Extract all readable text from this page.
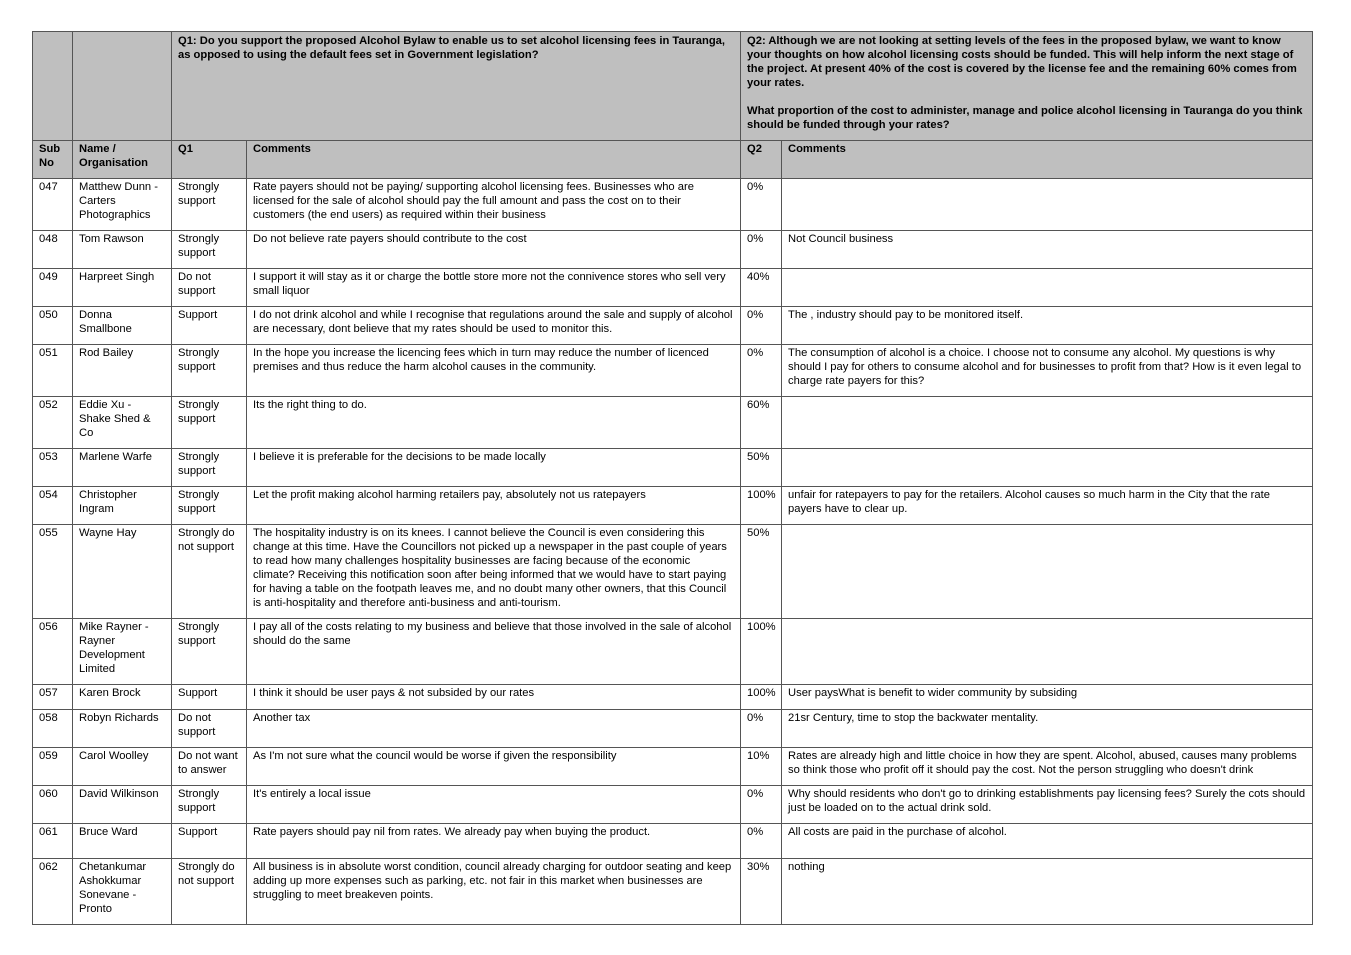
		Q1: Do you support the proposed Alcohol Bylaw to enable us to set alcohol licensing fees in Tauranga, as opposed to using the default fees set in Government legislation?		Q2: Although we are not looking at setting levels of the fees in the proposed bylaw, we want to know your thoughts on how alcohol licensing costs should be funded. This will help inform the next stage of the project. At present 40% of the cost is covered by the license fee and the remaining 60% comes from your rates.

What proportion of the cost to administer, manage and police alcohol licensing in Tauranga do you think should be funded through your rates?	
Sub No	Name / Organisation	Q1	Comments	Q2	Comments
047	Matthew Dunn - Carters Photographics	Strongly support	Rate payers should not be paying/ supporting alcohol licensing fees. Businesses who are licensed for the sale of alcohol should pay the full amount and pass the cost on to their customers (the end users) as required within their business	0%	
048	Tom Rawson	Strongly support	Do not believe rate payers should contribute to the cost	0%	Not Council business
049	Harpreet Singh	Do not support	I support it will stay as it or charge the bottle store more not the connivence stores who sell very small liquor	40%	
050	Donna Smallbone	Support	I do not drink alcohol and while I recognise that regulations around the sale and supply of alcohol are necessary, dont believe that my rates should be used to monitor this.	0%	The , industry should pay to be monitored itself.
051	Rod Bailey	Strongly support	In the hope you increase the licencing fees which in turn may reduce the number of licenced premises and thus reduce the harm alcohol causes in the community.	0%	The consumption of alcohol is a choice. I choose not to consume any alcohol. My questions is why should I pay for others to consume alcohol and for businesses to profit from that? How is it even legal to charge rate payers for this?
052	Eddie Xu - Shake Shed & Co	Strongly support	Its the right thing to do.	60%	
053	Marlene Warfe	Strongly support	I believe it is preferable for the decisions to be made locally	50%	
054	Christopher Ingram	Strongly support	Let the profit making alcohol harming retailers pay, absolutely not us ratepayers	100%	unfair for ratepayers to pay for the retailers. Alcohol causes so much harm in the City that the rate payers have to clear up.
055	Wayne Hay	Strongly do not support	The hospitality industry is on its knees. I cannot believe the Council is even considering this change at this time. Have the Councillors not picked up a newspaper in the past couple of years to read how many challenges hospitality businesses are facing because of the economic climate? Receiving this notification soon after being informed that we would have to start paying for having a table on the footpath leaves me, and no doubt many other owners, that this Council is anti-hospitality and therefore anti-business and anti-tourism.	50%	
056	Mike Rayner - Rayner Development Limited	Strongly support	I pay all of the costs relating to my business and believe that those involved in the sale of alcohol should do the same	100%	
057	Karen Brock	Support	I think it should be user pays & not subsided by our rates	100%	User paysWhat is benefit to wider community by subsiding
058	Robyn Richards	Do not support	Another tax	0%	21sr Century, time to stop the backwater mentality.
059	Carol Woolley	Do not want to answer	As I'm not sure what the council would be worse if given the responsibility	10%	Rates are already high and little choice in how they are spent. Alcohol, abused, causes many problems so think those who profit off it should pay the cost. Not the person struggling who doesn't drink
060	David Wilkinson	Strongly support	It's entirely a local issue	0%	Why should residents who don't go to drinking establishments pay licensing fees? Surely the cots should just be loaded on to the actual drink sold.
061	Bruce Ward	Support	Rate payers should pay nil from rates. We already pay when buying the product.	0%	All costs are paid in the purchase of alcohol.
062	Chetankumar Ashokkumar Sonevane - Pronto	Strongly do not support	All business is in absolute worst condition, council already charging for outdoor seating and keep adding up more expenses such as parking, etc. not fair in this market when businesses are struggling to meet breakeven points.	30%	nothing
